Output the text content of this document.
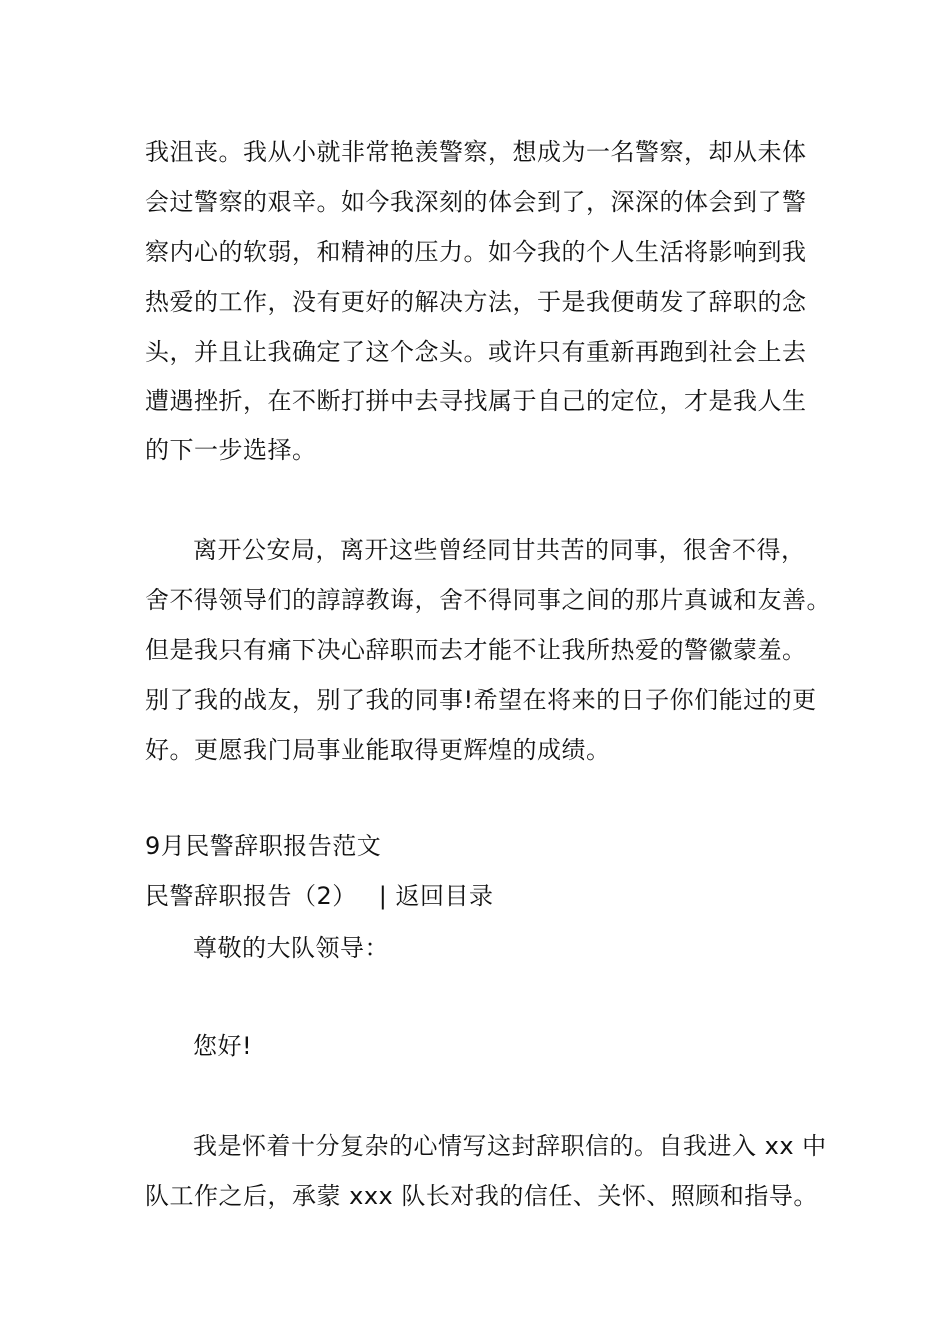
我沮丧。我从小就非常艳羡警察，想成为一名警察，却从未体
会过警察的艰辛。如今我深刻的体会到了，深深的体会到了警
察内心的软弱，和精神的压力。如今我的个人生活将影响到我
热爱的工作，没有更好的解决方法，于是我便萌发了辞职的念
头，并且让我确定了这个念头。或许只有重新再跑到社会上去
遭遇挫折，在不断打拼中去寻找属于自己的定位，才是我人生
的下一步选择。
离开公安局，离开这些曾经同甘共苦的同事，很舍不得，
舍不得领导们的諄諄教诲，舍不得同事之间的那片真诚和友善。
但是我只有痛下决心辞职而去才能不让我所热爱的警徽蒙羞。
别了我的战友，别了我的同事!希望在将来的日子你们能过的更
好。更愿我门局事业能取得更辉煌的成绩。
9月民警辞职报告范文
民警辞职报告（2） | 返回目录
尊敬的大队领导：
您好!
我是怀着十分复杂的心情写这封辞职信的。自我进入 xx 中
队工作之后，承蒙 xxx 队长对我的信任、关怀、照顾和指导。
